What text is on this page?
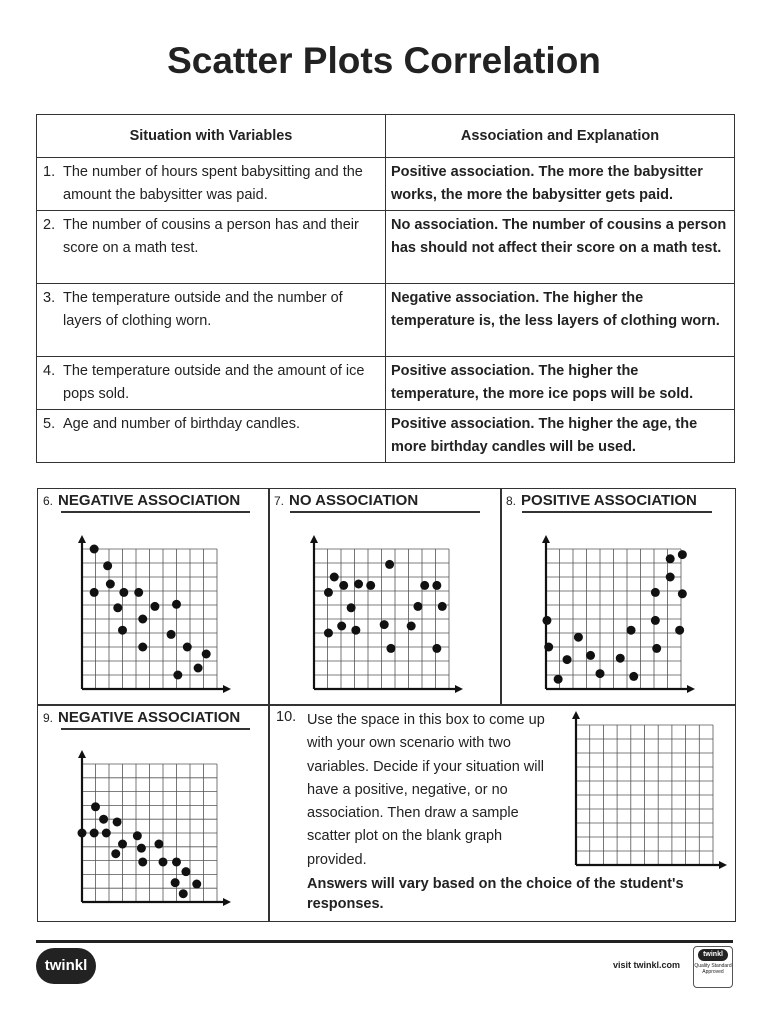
Scatter Plots Correlation
Situation with Variables	Association and Explanation
1. The number of hours spent babysitting and the amount the babysitter was paid.	Positive association. The more the babysitter works, the more the babysitter gets paid.
2. The number of cousins a person has and their score on a math test.	No association. The number of cousins a person has should not affect their score on a math test.
3. The temperature outside and the number of layers of clothing worn.	Negative association. The higher the temperature is, the less layers of clothing worn.
4. The temperature outside and the amount of ice pops sold.	Positive association. The higher the temperature, the more ice pops will be sold.
5. Age and number of birthday candles.	Positive association. The higher the age, the more birthday candles will be used.
6. NEGATIVE ASSOCIATION	7. NO ASSOCIATION	8. POSITIVE ASSOCIATION
9. NEGATIVE ASSOCIATION 10. Use the space in this box to come up with your own scenario with two variables. Decide if your situation will have a positive, negative, or no association. Then draw a sample scatter plot on the blank graph provided.
Answers will vary based on the choice of the student's responses.
twinkl	visit twinkl.com
twinkl
Quality Standard Approved
